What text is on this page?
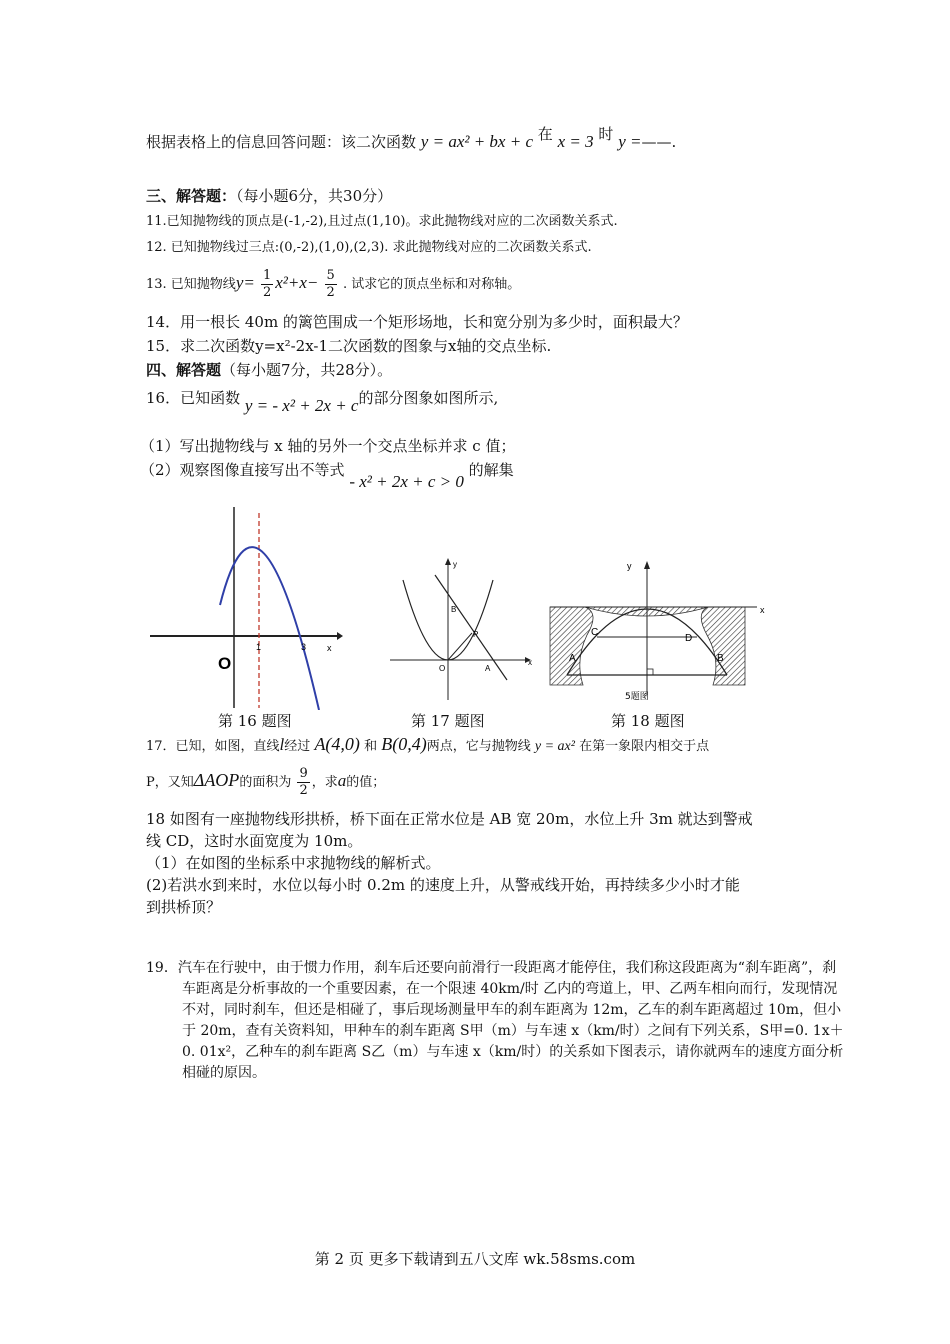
根据表格上的信息回答问题：该二次函数 y = ax² + bx + c 在 x = 3 时 y =——.
三、解答题：（每小题6分，共30分）
11.已知抛物线的顶点是(-1,-2),且过点(1,10)。求此抛物线对应的二次函数关系式.
12. 已知抛物线过三点:(0,-2),(1,0),(2,3). 求此抛物线对应的二次函数关系式.
13. 已知抛物线$y= \frac{1}{2} x^2+x- \frac{5}{2}$ . 试求它的顶点坐标和对称轴。
14．用一根长 40m 的篱笆围成一个矩形场地，长和宽分别为多少时，面积最大？
15．求二次函数y=x²-2x-1二次函数的图象与x轴的交点坐标.
四、解答题（每小题7分，共28分）。
16．已知函数 y = - x² + 2x + c的部分图象如图所示,
（1）写出抛物线与 x 轴的另外一个交点坐标并求 c 值；
（2）观察图像直接写出不等式 - x² + 2x + c > 0 的解集
O
1	3 x
第 16 题图
y
x
O	A
B
P
第 17 题图
y
x
A	B
C
D
5题图
第 18 题图
17．已知，如图，直线l经过 A(4,0) 和 B(0,4)两点，它与抛物线 y = ax² 在第一象限内相交于点
P，又知ΔAOP的面积为 $\frac{9}{2}$ ，求a的值；
18 如图有一座抛物线形拱桥，桥下面在正常水位是 AB 宽 20m，水位上升 3m 就达到警戒
线 CD，这时水面宽度为 10m。
（1）在如图的坐标系中求抛物线的解析式。
(2)若洪水到来时，水位以每小时 0.2m 的速度上升，从警戒线开始，再持续多少小时才能
到拱桥顶？
19．汽车在行驶中，由于惯力作用，刹车后还要向前滑行一段距离才能停住，我们称这段距离为“刹车距离”，刹车距离是分析事故的一个重要因素，在一个限速 40km/时 乙内的弯道上，甲、乙两车相向而行，发现情况不对，同时刹车，但还是相碰了，事后现场测量甲车的刹车距离为 12m，乙车的刹车距离超过 10m，但小于 20m，查有关资料知，甲种车的刹车距离 S甲（m）与车速 x（km/时）之间有下列关系，S甲=0. 1x＋0. 01x²，乙种车的刹车距离 S乙（m）与车速 x（km/时）的关系如下图表示，请你就两车的速度方面分析相碰的原因。
第 2 页 更多下载请到五八文库 wk.58sms.com
